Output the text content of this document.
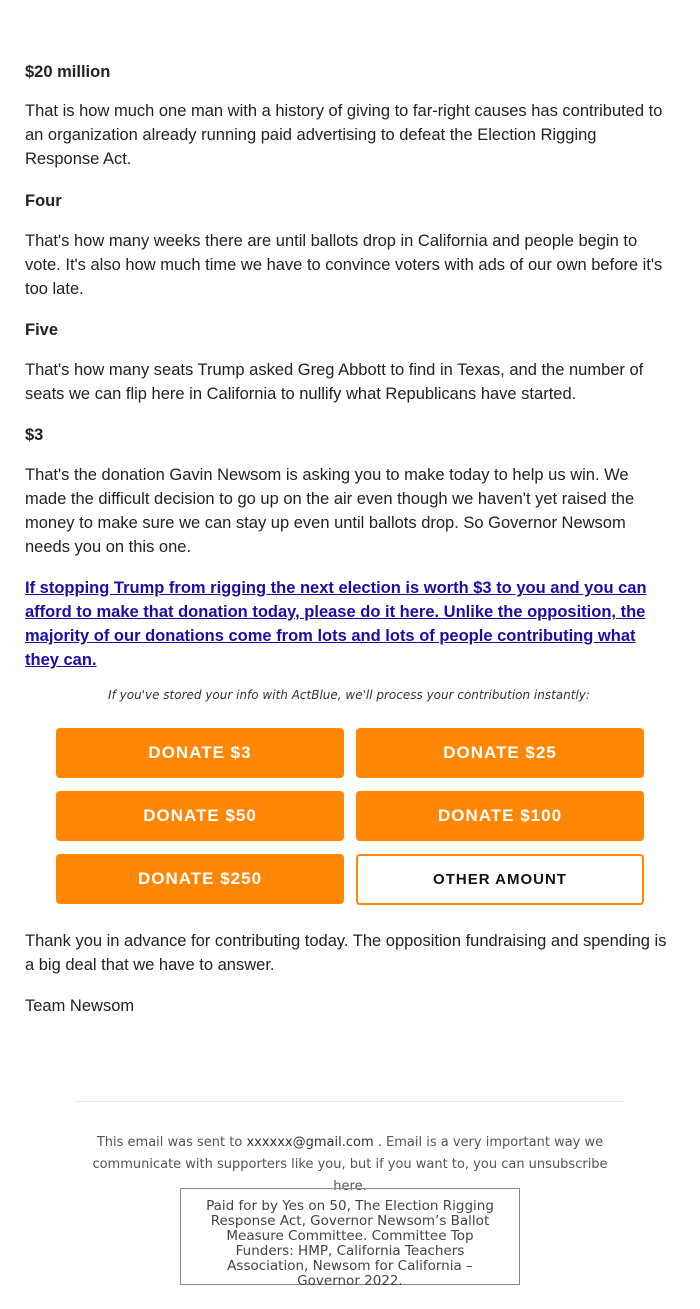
$20 million

That is how much one man with a history of giving to far-right causes has contributed to an organization already running paid advertising to defeat the Election Rigging Response Act.

Four

That's how many weeks there are until ballots drop in California and people begin to vote. It's also how much time we have to convince voters with ads of our own before it's too late.

Five

That's how many seats Trump asked Greg Abbott to find in Texas, and the number of seats we can flip here in California to nullify what Republicans have started.

$3

That's the donation Gavin Newsom is asking you to make today to help us win. We made the difficult decision to go up on the air even though we haven't yet raised the money to make sure we can stay up even until ballots drop. So Governor Newsom needs you on this one.

If stopping Trump from rigging the next election is worth $3 to you and you can afford to make that donation today, please do it here. Unlike the opposition, the majority of our donations come from lots and lots of people contributing what they can.
If you've stored your info with ActBlue, we'll process your contribution instantly:
DONATE $3	DONATE $25
DONATE $50	DONATE $100
DONATE $250	OTHER AMOUNT

Thank you in advance for contributing today. The opposition fundraising and spending is a big deal that we have to answer.

Team Newsom

This email was sent to xxxxxx@gmail.com . Email is a very important way we communicate with supporters like you, but if you want to, you can unsubscribe here.
Paid for by Yes on 50, The Election Rigging Response Act, Governor Newsom’s Ballot Measure Committee. Committee Top Funders: HMP, California Teachers Association, Newsom for California – Governor 2022.
